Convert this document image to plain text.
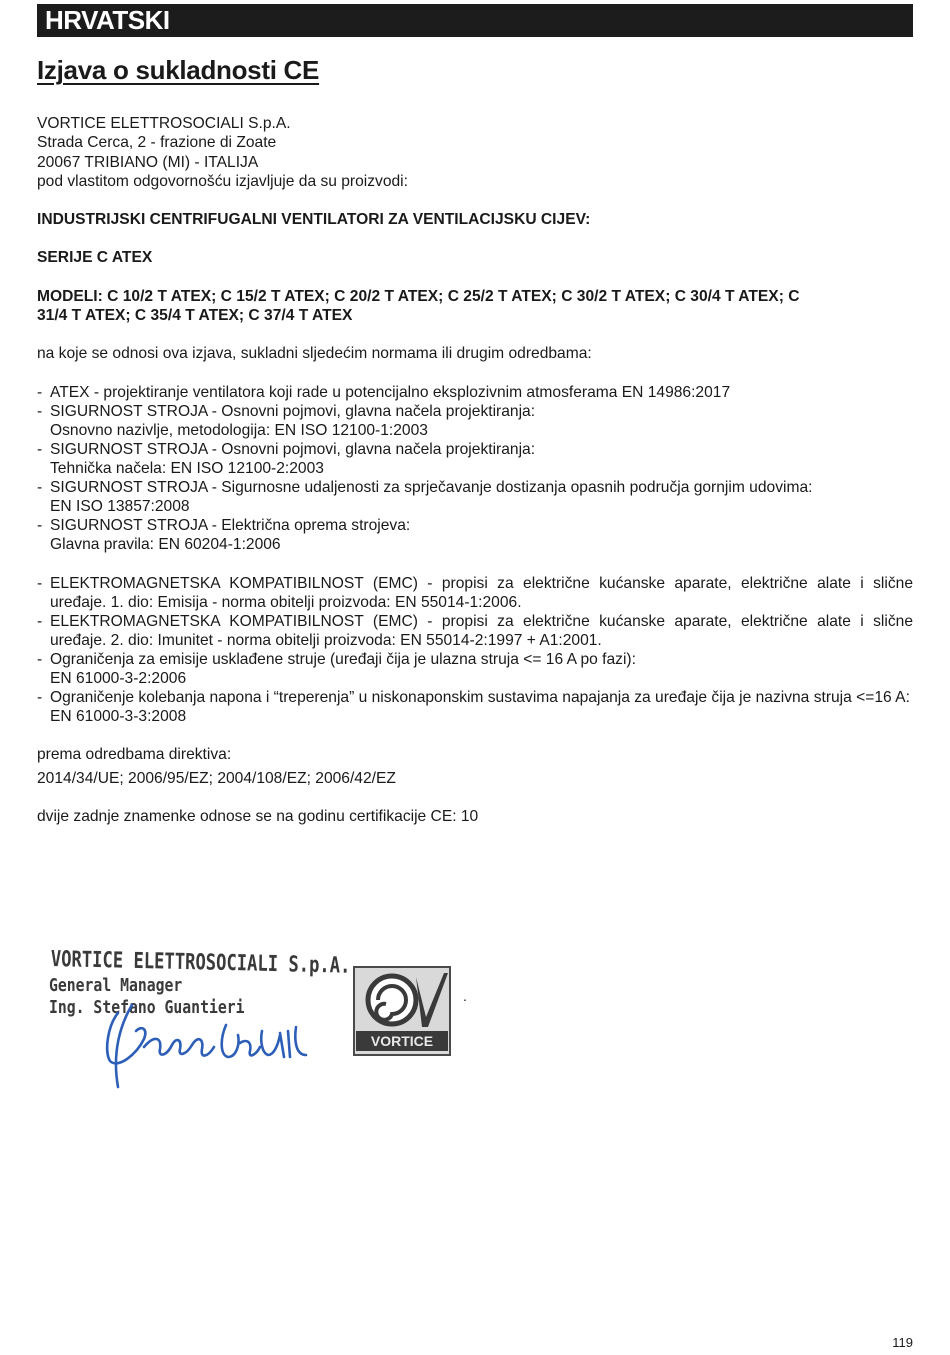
HRVATSKI
Izjava o sukladnosti CE
VORTICE ELETTROSOCIALI S.p.A.
Strada Cerca, 2 - frazione di Zoate
20067 TRIBIANO (MI) - ITALIJA
pod vlastitom odgovornošću izjavljuje da su proizvodi:
INDUSTRIJSKI CENTRIFUGALNI VENTILATORI ZA VENTILACIJSKU CIJEV:
SERIJE C ATEX
MODELI: C 10/2 T ATEX; C 15/2 T ATEX; C 20/2 T ATEX; C 25/2 T ATEX; C 30/2 T ATEX; C 30/4 T ATEX; C
31/4 T ATEX; C 35/4 T ATEX; C 37/4 T ATEX
na koje se odnosi ova izjava, sukladni sljedećim normama ili drugim odredbama:
- ATEX - projektiranje ventilatora koji rade u potencijalno eksplozivnim atmosferama EN 14986:2017
- SIGURNOST STROJA - Osnovni pojmovi, glavna načela projektiranja:
Osnovno nazivlje, metodologija: EN ISO 12100-1:2003
- SIGURNOST STROJA - Osnovni pojmovi, glavna načela projektiranja:
Tehnička načela: EN ISO 12100-2:2003
- SIGURNOST STROJA - Sigurnosne udaljenosti za sprječavanje dostizanja opasnih područja gornjim udovima:
EN ISO 13857:2008
- SIGURNOST STROJA - Električna oprema strojeva:
Glavna pravila: EN 60204-1:2006
- ELEKTROMAGNETSKA KOMPATIBILNOST (EMC) - propisi za električne kućanske aparate, električne alate i slične uređaje. 1. dio: Emisija - norma obitelji proizvoda: EN 55014-1:2006.
- ELEKTROMAGNETSKA KOMPATIBILNOST (EMC) - propisi za električne kućanske aparate, električne alate i slične uređaje. 2. dio: Imunitet - norma obitelji proizvoda: EN 55014-2:1997 + A1:2001.
- Ograničenja za emisije usklađene struje (uređaji čija je ulazna struja <= 16 A po fazi):
EN 61000-3-2:2006
- Ograničenje kolebanja napona i “treperenja” u niskonaponskim sustavima napajanja za uređaje čija je nazivna struja <=16 A:
EN 61000-3-3:2008
prema odredbama direktiva:
2014/34/UE; 2006/95/EZ; 2004/108/EZ; 2006/42/EZ
dvije zadnje znamenke odnose se na godinu certifikacije CE: 10
VORTICE ELETTROSOCIALI S.p.A.
General Manager
Ing. Stefano Guantieri
VORTICE
.
119
